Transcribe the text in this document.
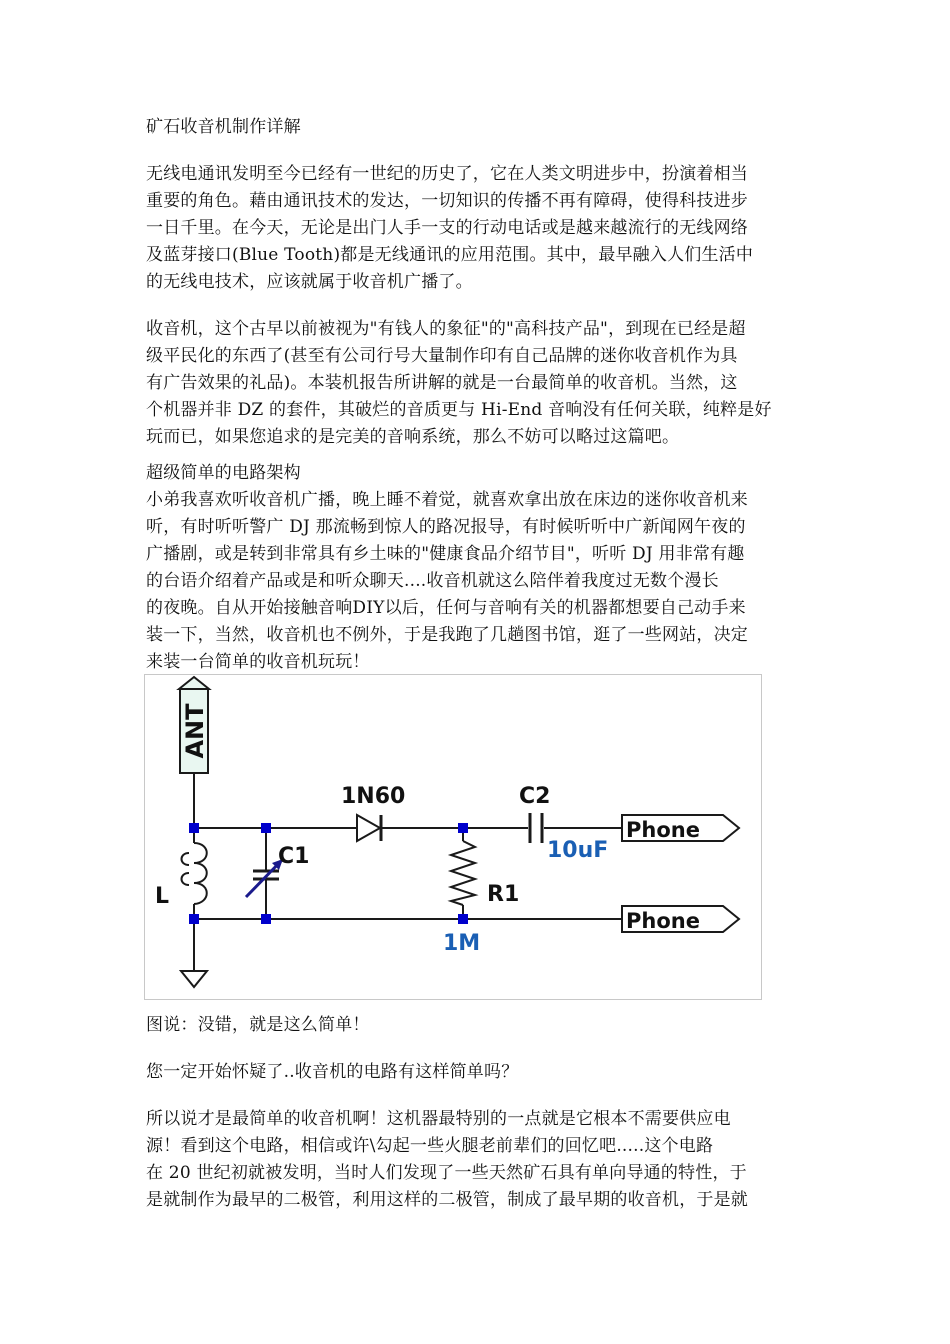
矿石收音机制作详解
无线电通讯发明至今已经有一世纪的历史了，它在人类文明进步中，扮演着相当
重要的角色。藉由通讯技术的发达，一切知识的传播不再有障碍，使得科技进步
一日千里。在今天，无论是出门人手一支的行动电话或是越来越流行的无线网络
及蓝芽接口(Blue Tooth)都是无线通讯的应用范围。其中，最早融入人们生活中
的无线电技术，应该就属于收音机广播了。
收音机，这个古早以前被视为"有钱人的象征"的"高科技产品"，到现在已经是超
级平民化的东西了(甚至有公司行号大量制作印有自己品牌的迷你收音机作为具
有广告效果的礼品)。本装机报告所讲解的就是一台最简单的收音机。当然，这
个机器并非 DZ 的套件，其破烂的音质更与 Hi-End 音响没有任何关联，纯粹是好
玩而已，如果您追求的是完美的音响系统，那么不妨可以略过这篇吧。
超级简单的电路架构
小弟我喜欢听收音机广播，晚上睡不着觉，就喜欢拿出放在床边的迷你收音机来
听，有时听听警广 DJ 那流畅到惊人的路况报导，有时候听听中广新闻网午夜的
广播剧，或是转到非常具有乡土味的"健康食品介绍节目"，听听 DJ 用非常有趣
的台语介绍着产品或是和听众聊天....收音机就这么陪伴着我度过无数个漫长
的夜晚。自从开始接触音响DIY以后，任何与音响有关的机器都想要自己动手来
装一下，当然，收音机也不例外，于是我跑了几趟图书馆，逛了一些网站，决定
来装一台简单的收音机玩玩！
ANT
L
C1
1N60	C2
10uF
R1
1M
Phone
Phone
图说：没错，就是这么简单！
您一定开始怀疑了..收音机的电路有这样简单吗？
所以说才是最简单的收音机啊！这机器最特别的一点就是它根本不需要供应电
源！看到这个电路，相信或许\勾起一些火腿老前辈们的回忆吧.....这个电路
在 20 世纪初就被发明，当时人们发现了一些天然矿石具有单向导通的特性，于
是就制作为最早的二极管，利用这样的二极管，制成了最早期的收音机，于是就
